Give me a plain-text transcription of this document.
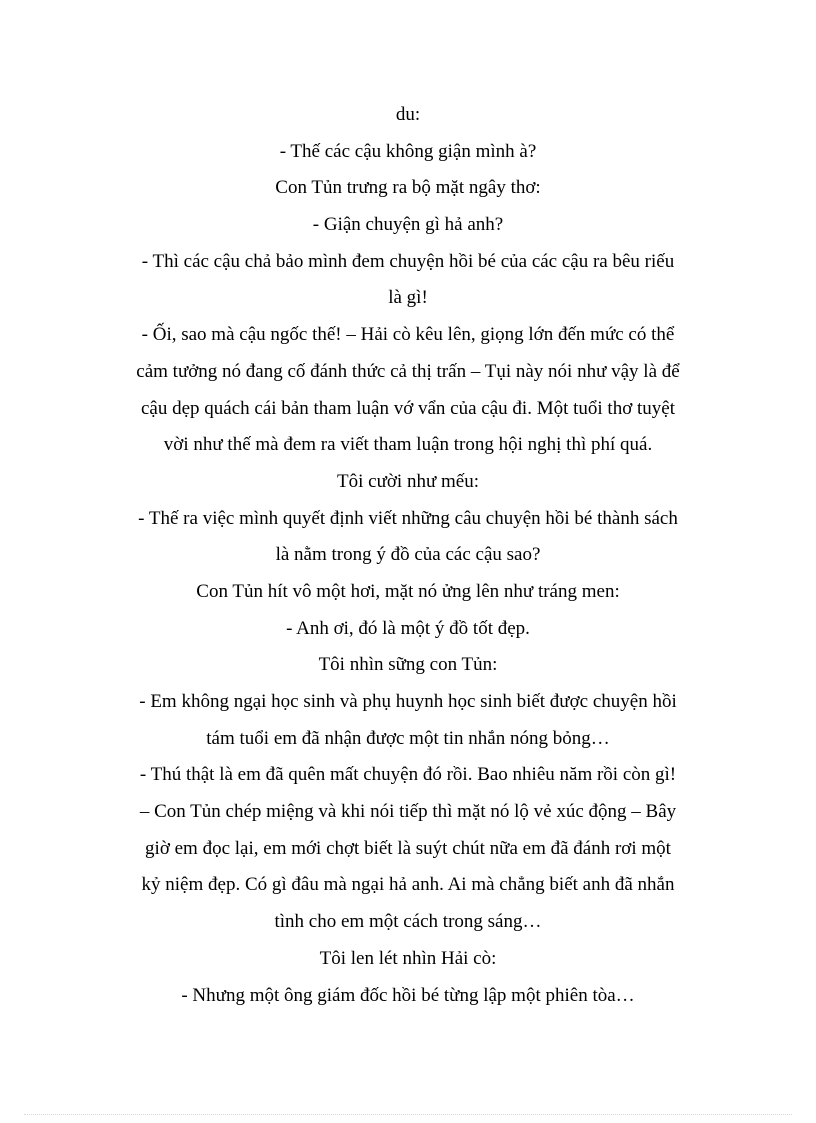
du:
- Thế các cậu không giận mình à?
Con Tủn trưng ra bộ mặt ngây thơ:
- Giận chuyện gì hả anh?
- Thì các cậu chả bảo mình đem chuyện hồi bé của các cậu ra bêu riếu
là gì!
- Ối, sao mà cậu ngốc thế! – Hải cò kêu lên, giọng lớn đến mức có thể
cảm tưởng nó đang cố đánh thức cả thị trấn – Tụi này nói như vậy là để
cậu dẹp quách cái bản tham luận vớ vẩn của cậu đi. Một tuổi thơ tuyệt
vời như thế mà đem ra viết tham luận trong hội nghị thì phí quá.
Tôi cười như mếu:
- Thế ra việc mình quyết định viết những câu chuyện hồi bé thành sách
là nằm trong ý đồ của các cậu sao?
Con Tủn hít vô một hơi, mặt nó ửng lên như tráng men:
- Anh ơi, đó là một ý đồ tốt đẹp.
Tôi nhìn sững con Tủn:
- Em không ngại học sinh và phụ huynh học sinh biết được chuyện hồi
tám tuổi em đã nhận được một tin nhắn nóng bỏng…
- Thú thật là em đã quên mất chuyện đó rồi. Bao nhiêu năm rồi còn gì!
– Con Tủn chép miệng và khi nói tiếp thì mặt nó lộ vẻ xúc động – Bây
giờ em đọc lại, em mới chợt biết là suýt chút nữa em đã đánh rơi một
kỷ niệm đẹp. Có gì đâu mà ngại hả anh. Ai mà chẳng biết anh đã nhắn
tình cho em một cách trong sáng…
Tôi len lét nhìn Hải cò:
- Nhưng một ông giám đốc hồi bé từng lập một phiên tòa…
